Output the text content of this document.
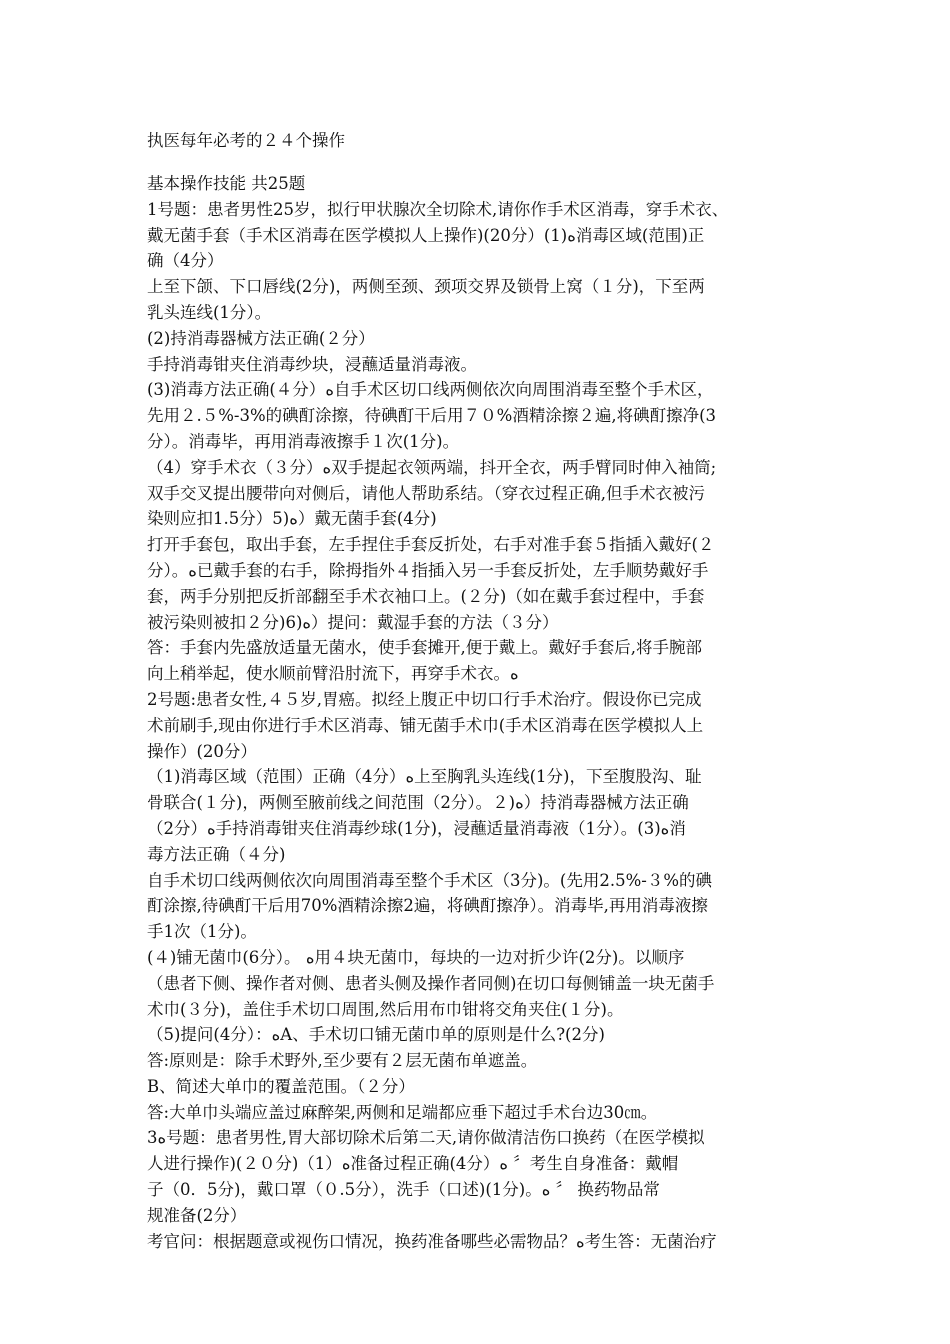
执医每年必考的２４个操作
基本操作技能 共25题
1号题：患者男性25岁，拟行甲状腺次全切除术,请你作手术区消毒，穿手术衣、
戴无菌手套（手术区消毒在医学模拟人上操作)(20分）(1)ﻩ消毒区域(范围)正
确（4分）
上至下颌、下口唇线(2分)，两侧至颈、颈项交界及锁骨上窝（１分)，下至两
乳头连线(1分）。
(2)持消毒器械方法正确(２分）
手持消毒钳夹住消毒纱块，浸蘸适量消毒液。
(3)消毒方法正确(４分）ﻩ自手术区切口线两侧依次向周围消毒至整个手术区，
先用２.５%-3%的碘酊涂擦，待碘酊干后用７０%酒精涂擦２遍,将碘酊擦净(3
分）。消毒毕，再用消毒液擦手１次(1分)。
（4）穿手术衣（３分）ﻩ双手提起衣领两端，抖开全衣，两手臂同时伸入袖筒;
双手交叉提出腰带向对侧后，请他人帮助系结。（穿衣过程正确,但手术衣被污
染则应扣1.5分）5)ﻩ）戴无菌手套(4分)
打开手套包，取出手套，左手捏住手套反折处，右手对准手套５指插入戴好(２
分）。ﻩ已戴手套的右手，除拇指外４指插入另一手套反折处，左手顺势戴好手
套，两手分别把反折部翻至手术衣袖口上。(２分)（如在戴手套过程中，手套
被污染则被扣２分)ﻩ(6）提问：戴湿手套的方法（３分）
答：手套内先盛放适量无菌水，使手套摊开,便于戴上。戴好手套后,将手腕部
向上稍举起，使水顺前臂沿肘流下，再穿手术衣。ﻩ
2号题:患者女性,４５岁,胃癌。拟经上腹正中切口行手术治疗。假设你已完成
术前刷手,现由你进行手术区消毒、铺无菌手术巾(手术区消毒在医学模拟人上
操作）(20分）
（1)消毒区域（范围）正确（4分）ﻩ上至胸乳头连线(1分)，下至腹股沟、耻
骨联合(１分)，两侧至腋前线之间范围（2分）。２)ﻩ）持消毒器械方法正确
（2分）ﻩ手持消毒钳夹住消毒纱球(1分)，浸蘸适量消毒液（1分）。(3)ﻩ消
毒方法正确（４分)
自手术切口线两侧依次向周围消毒至整个手术区（3分)。(先用2.5%-３%的碘
酊涂擦,待碘酊干后用70%酒精涂擦2遍，将碘酊擦净）。消毒毕,再用消毒液擦
手1次（1分)。
(４)铺无菌巾(6分）。 ﻩ用４块无菌巾，每块的一边对折少许(2分)。以顺序
（患者下侧、操作者对侧、患者头侧及操作者同侧)在切口每侧铺盖一块无菌手
术巾(３分)，盖住手术切口周围,然后用布巾钳将交角夹住(１分)。
（5)提问(4分）：ﻩA、手术切口铺无菌巾单的原则是什么?(2分)
答:原则是：除手术野外,至少要有２层无菌布单遮盖。
B、简述大单巾的覆盖范围。（２分）
答:大单巾头端应盖过麻醉架,两侧和足端都应垂下超过手术台边30㎝。
3ﻩ号题：患者男性,胃大部切除术后第二天,请你做清洁伤口换药（在医学模拟
人进行操作)(２０分)（1）ﻩ准备过程正确(4分）ﻩ 〞考生自身准备：戴帽
子（0．5分)，戴口罩（０.5分），洗手（口述)(1分)。ﻩ 〞 换药物品常
规准备(2分）
考官问：根据题意或视伤口情况，换药准备哪些必需物品？ﻩ考生答：无菌治疗
